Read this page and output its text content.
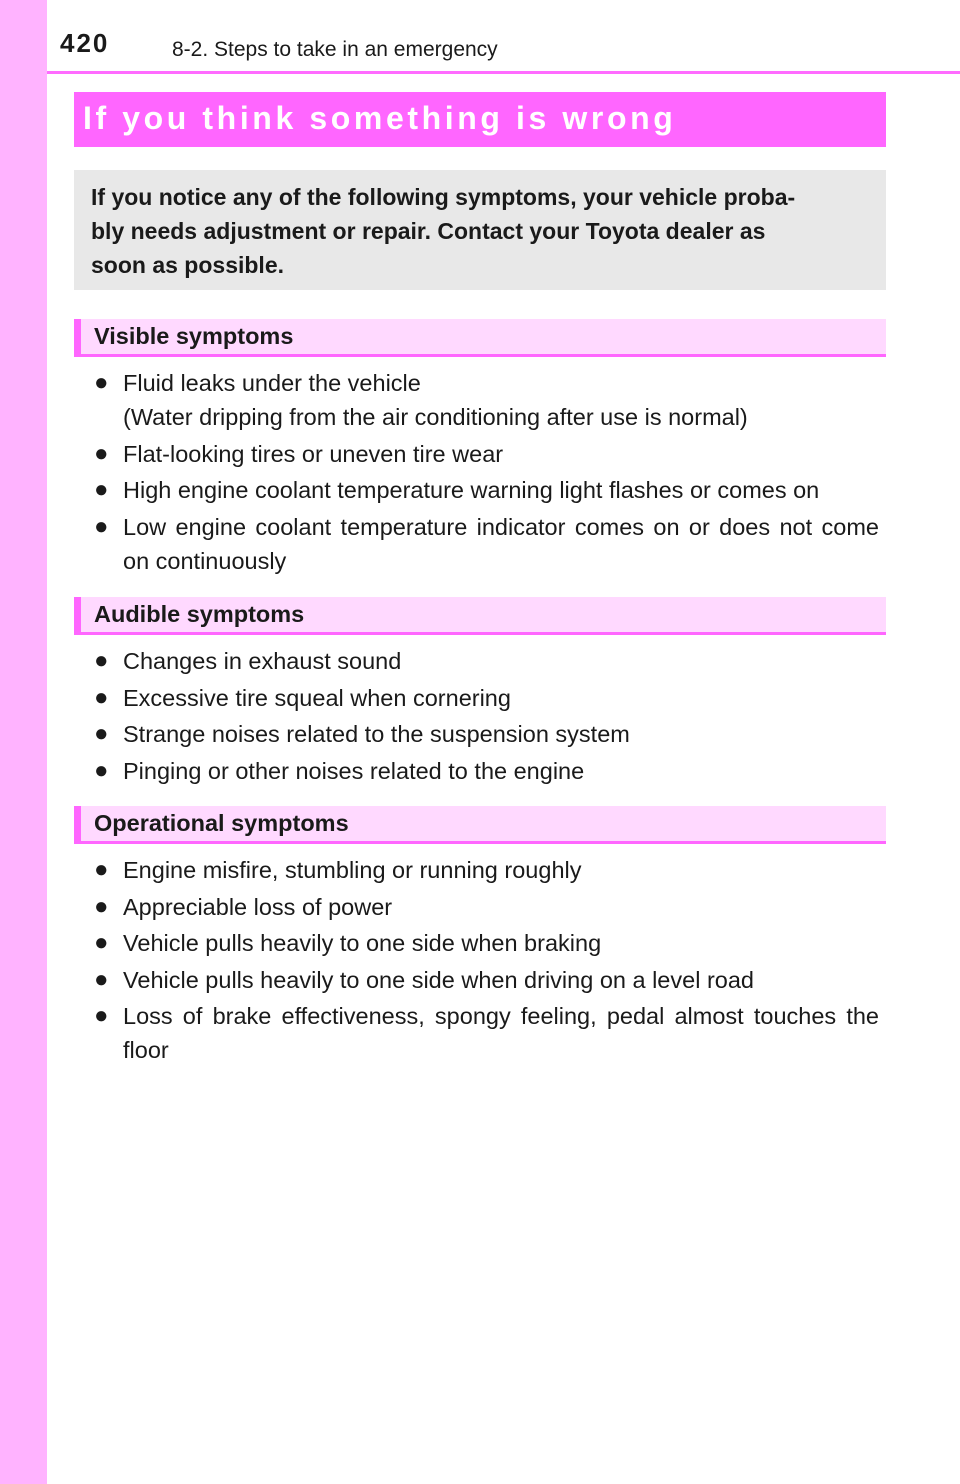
420	8-2. Steps to take in an emergency
If you think something is wrong
If you notice any of the following symptoms, your vehicle proba-
bly needs adjustment or repair. Contact your Toyota dealer as
soon as possible.
Visible symptoms
● Fluid leaks under the vehicle
(Water dripping from the air conditioning after use is normal)
● Flat-looking tires or uneven tire wear
● High engine coolant temperature warning light flashes or comes on
● Low engine coolant temperature indicator comes on or does not come on continuously
Audible symptoms
● Changes in exhaust sound
● Excessive tire squeal when cornering
● Strange noises related to the suspension system
● Pinging or other noises related to the engine
Operational symptoms
● Engine misfire, stumbling or running roughly
● Appreciable loss of power
● Vehicle pulls heavily to one side when braking
● Vehicle pulls heavily to one side when driving on a level road
● Loss of brake effectiveness, spongy feeling, pedal almost touches the floor
